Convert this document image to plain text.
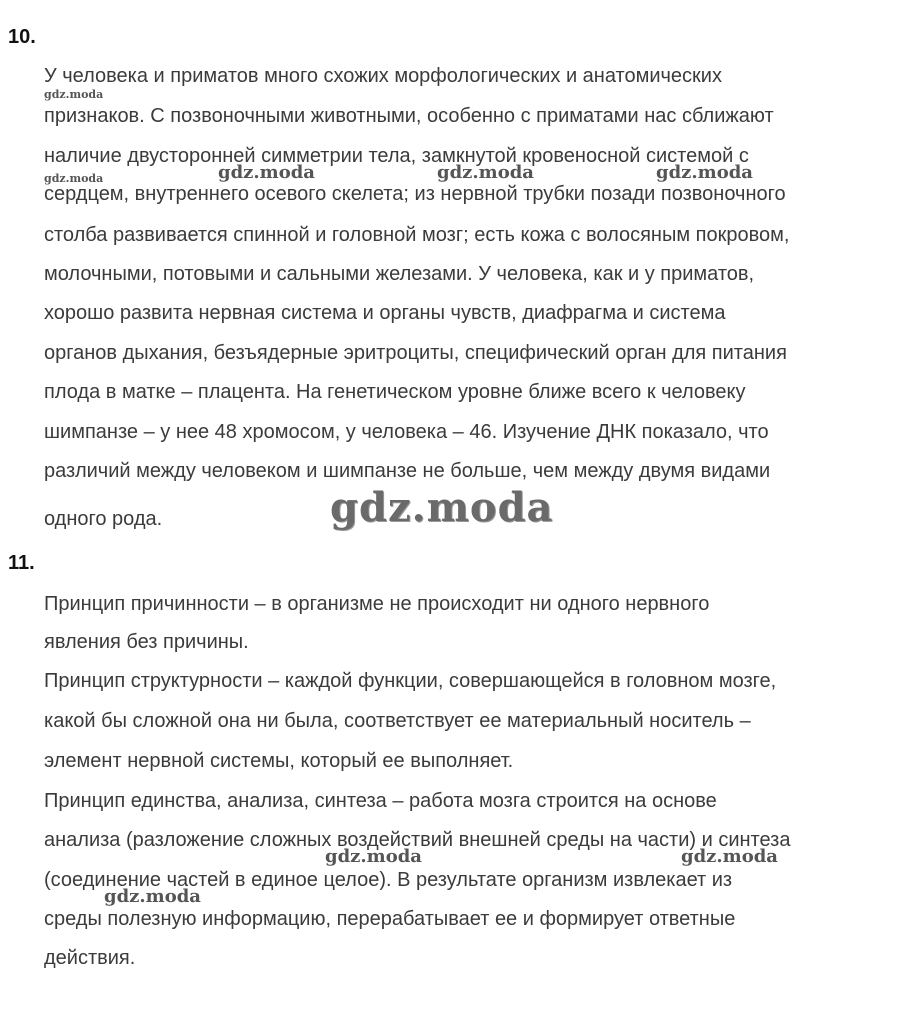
10.
У человека и приматов много схожих морфологических и анатомических
признаков. С позвоночными животными, особенно с приматами нас сближают
наличие двусторонней симметрии тела, замкнутой кровеносной системой с
сердцем, внутреннего осевого скелета; из нервной трубки позади позвоночного
столба развивается спинной и головной мозг; есть кожа с волосяным покровом,
молочными, потовыми и сальными железами. У человека, как и у приматов,
хорошо развита нервная система и органы чувств, диафрагма и система
органов дыхания, безъядерные эритроциты, специфический орган для питания
плода в матке – плацента. На генетическом уровне ближе всего к человеку
шимпанзе – у нее 48 хромосом, у человека – 46. Изучение ДНК показало, что
различий между человеком и шимпанзе не больше, чем между двумя видами
одного рода.
11.
Принцип причинности – в организме не происходит ни одного нервного
явления без причины.
Принцип структурности – каждой функции, совершающейся в головном мозге,
какой бы сложной она ни была, соответствует ее материальный носитель –
элемент нервной системы, который ее выполняет.
Принцип единства, анализа, синтеза – работа мозга строится на основе
анализа (разложение сложных воздействий внешней среды на части) и синтеза
(соединение частей в единое целое). В результате организм извлекает из
среды полезную информацию, перерабатывает ее и формирует ответные
действия.
gdz.moda
gdz.moda	gdz.moda	gdz.moda	gdz.moda
gdz.moda
gdz.moda	gdz.moda
gdz.moda
